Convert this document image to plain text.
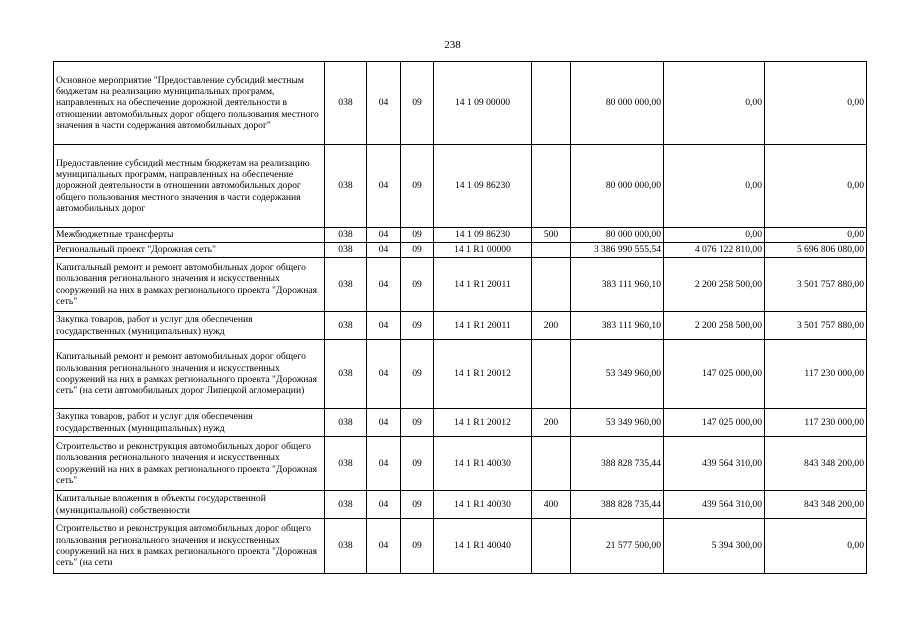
238
Основное мероприятие "Предоставление субсидий местным бюджетам на реализацию муниципальных программ, направленных на обеспечение дорожной деятельности в отношении автомобильных дорог общего пользования местного значения в части содержания автомобильных дорог"	038	04	09	14 1 09 00000		80 000 000,00	0,00	0,00
Предоставление субсидий местным бюджетам на реализацию муниципальных программ, направленных на обеспечение дорожной деятельности в отношении автомобильных дорог общего пользования местного значения в части содержания автомобильных дорог	038	04	09	14 1 09 86230		80 000 000,00	0,00	0,00
Межбюджетные трансферты	038	04	09	14 1 09 86230	500	80 000 000,00	0,00	0,00
Региональный проект "Дорожная сеть"	038	04	09	14 1 R1 00000		3 386 990 555,54	4 076 122 810,00	5 696 806 080,00
Капитальный ремонт и ремонт автомобильных дорог общего пользования регионального значения и искусственных сооружений на них в рамках регионального проекта "Дорожная сеть"	038	04	09	14 1 R1 20011		383 111 960,10	2 200 258 500,00	3 501 757 880,00
Закупка товаров, работ и услуг для обеспечения государственных (муниципальных) нужд	038	04	09	14 1 R1 20011	200	383 111 960,10	2 200 258 500,00	3 501 757 880,00
Капитальный ремонт и ремонт автомобильных дорог общего пользования регионального значения и искусственных сооружений на них в рамках регионального проекта "Дорожная сеть" (на сети автомобильных дорог Липецкой агломерации)	038	04	09	14 1 R1 20012		53 349 960,00	147 025 000,00	117 230 000,00
Закупка товаров, работ и услуг для обеспечения государственных (муниципальных) нужд	038	04	09	14 1 R1 20012	200	53 349 960,00	147 025 000,00	117 230 000,00
Строительство и реконструкция автомобильных дорог общего пользования регионального значения и искусственных сооружений на них в рамках регионального проекта "Дорожная сеть"	038	04	09	14 1 R1 40030		388 828 735,44	439 564 310,00	843 348 200,00
Капитальные вложения в объекты государственной (муниципальной) собственности	038	04	09	14 1 R1 40030	400	388 828 735,44	439 564 310,00	843 348 200,00
Строительство и реконструкция автомобильных дорог общего пользования регионального значения и искусственных сооружений на них в рамках регионального проекта "Дорожная сеть" (на сети	038	04	09	14 1 R1 40040		21 577 500,00	5 394 300,00	0,00
